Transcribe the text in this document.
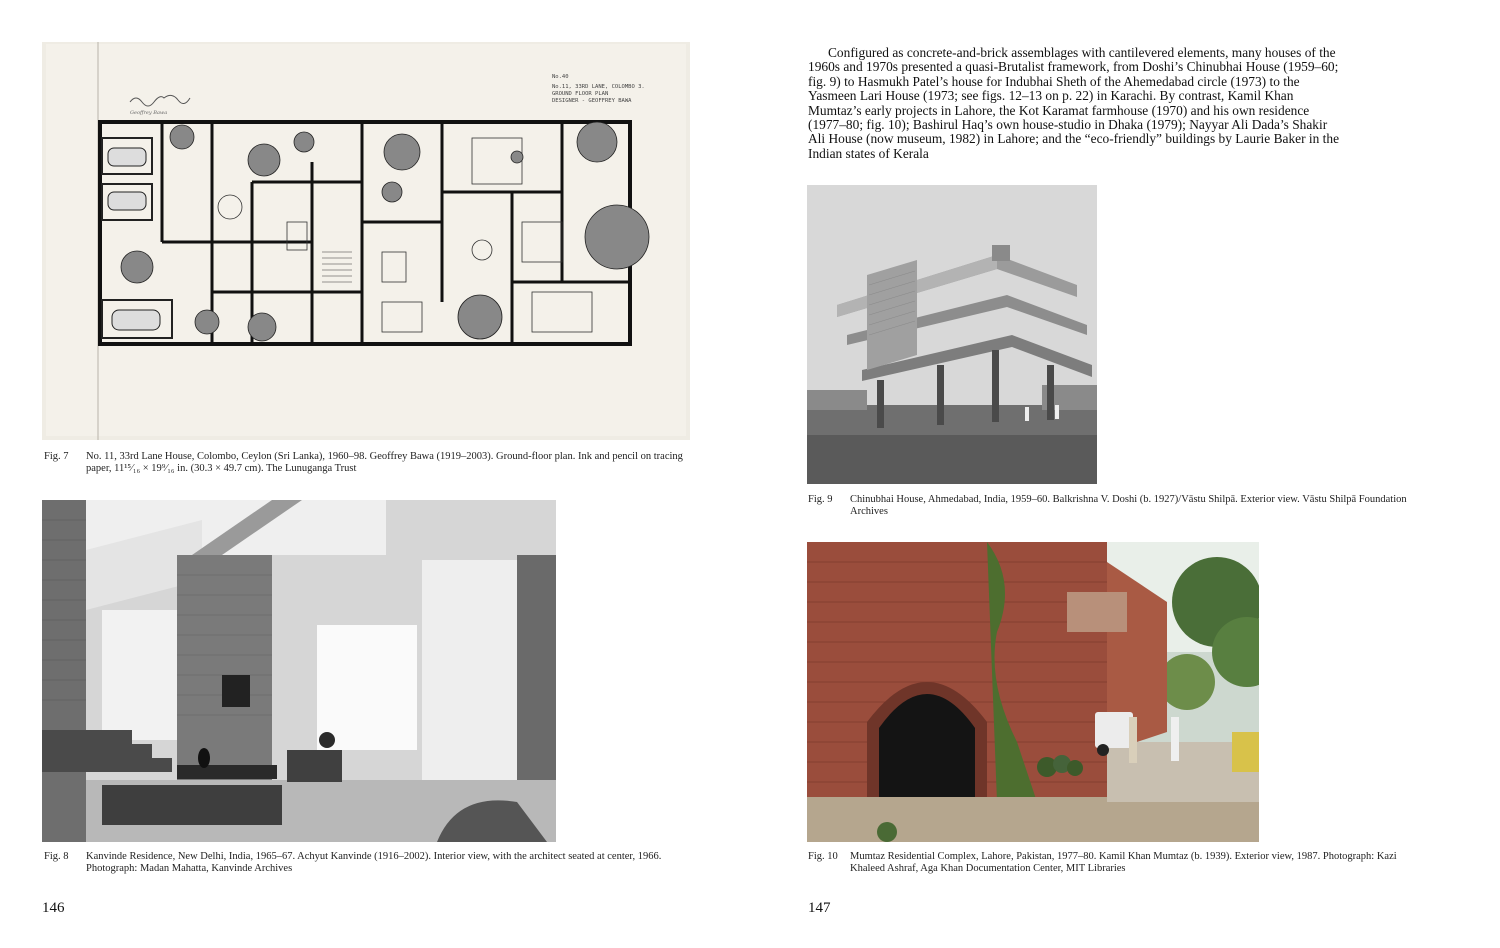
No.40
No.11, 33RD LANE, COLOMBO 3.
GROUND FLOOR PLAN
DESIGNER - GEOFFREY BAWA
Geoffrey Bawa
Fig. 7	No. 11, 33rd Lane House, Colombo, Ceylon (Sri Lanka), 1960–98. Geoffrey Bawa (1919–2003). Ground-floor plan. Ink and pencil on tracing paper, 11¹⁵⁄₁₆ × 19⁹⁄₁₆ in. (30.3 × 49.7 cm). The Lunuganga Trust
Fig. 8	Kanvinde Residence, New Delhi, India, 1965–67. Achyut Kanvinde (1916–2002). Interior view, with the architect seated at center, 1966. Photograph: Madan Mahatta, Kanvinde Archives
146

Configured as concrete-and-brick assemblages with cantilevered elements, many houses of the 1960s and 1970s presented a quasi-Brutalist framework, from Doshi’s Chinubhai House (1959–60; fig. 9) to Hasmukh Patel’s house for Indubhai Sheth of the Ahemedabad circle (1973) to the Yasmeen Lari House (1973; see figs. 12–13 on p. 22) in Karachi. By contrast, Kamil Khan Mumtaz’s early projects in Lahore, the Kot Karamat farmhouse (1970) and his own residence (1977–80; fig. 10); Bashirul Haq’s own house-studio in Dhaka (1979); Nayyar Ali Dada’s Shakir Ali House (now museum, 1982) in Lahore; and the “eco-friendly” buildings by Laurie Baker in the Indian states of Kerala

Fig. 9	Chinubhai House, Ahmedabad, India, 1959–60. Balkrishna V. Doshi (b. 1927)/Vāstu Shilpā. Exterior view. Vāstu Shilpā Foundation Archives
Fig. 10	Mumtaz Residential Complex, Lahore, Pakistan, 1977–80. Kamil Khan Mumtaz (b. 1939). Exterior view, 1987. Photograph: Kazi Khaleed Ashraf, Aga Khan Documentation Center, MIT Libraries
147
